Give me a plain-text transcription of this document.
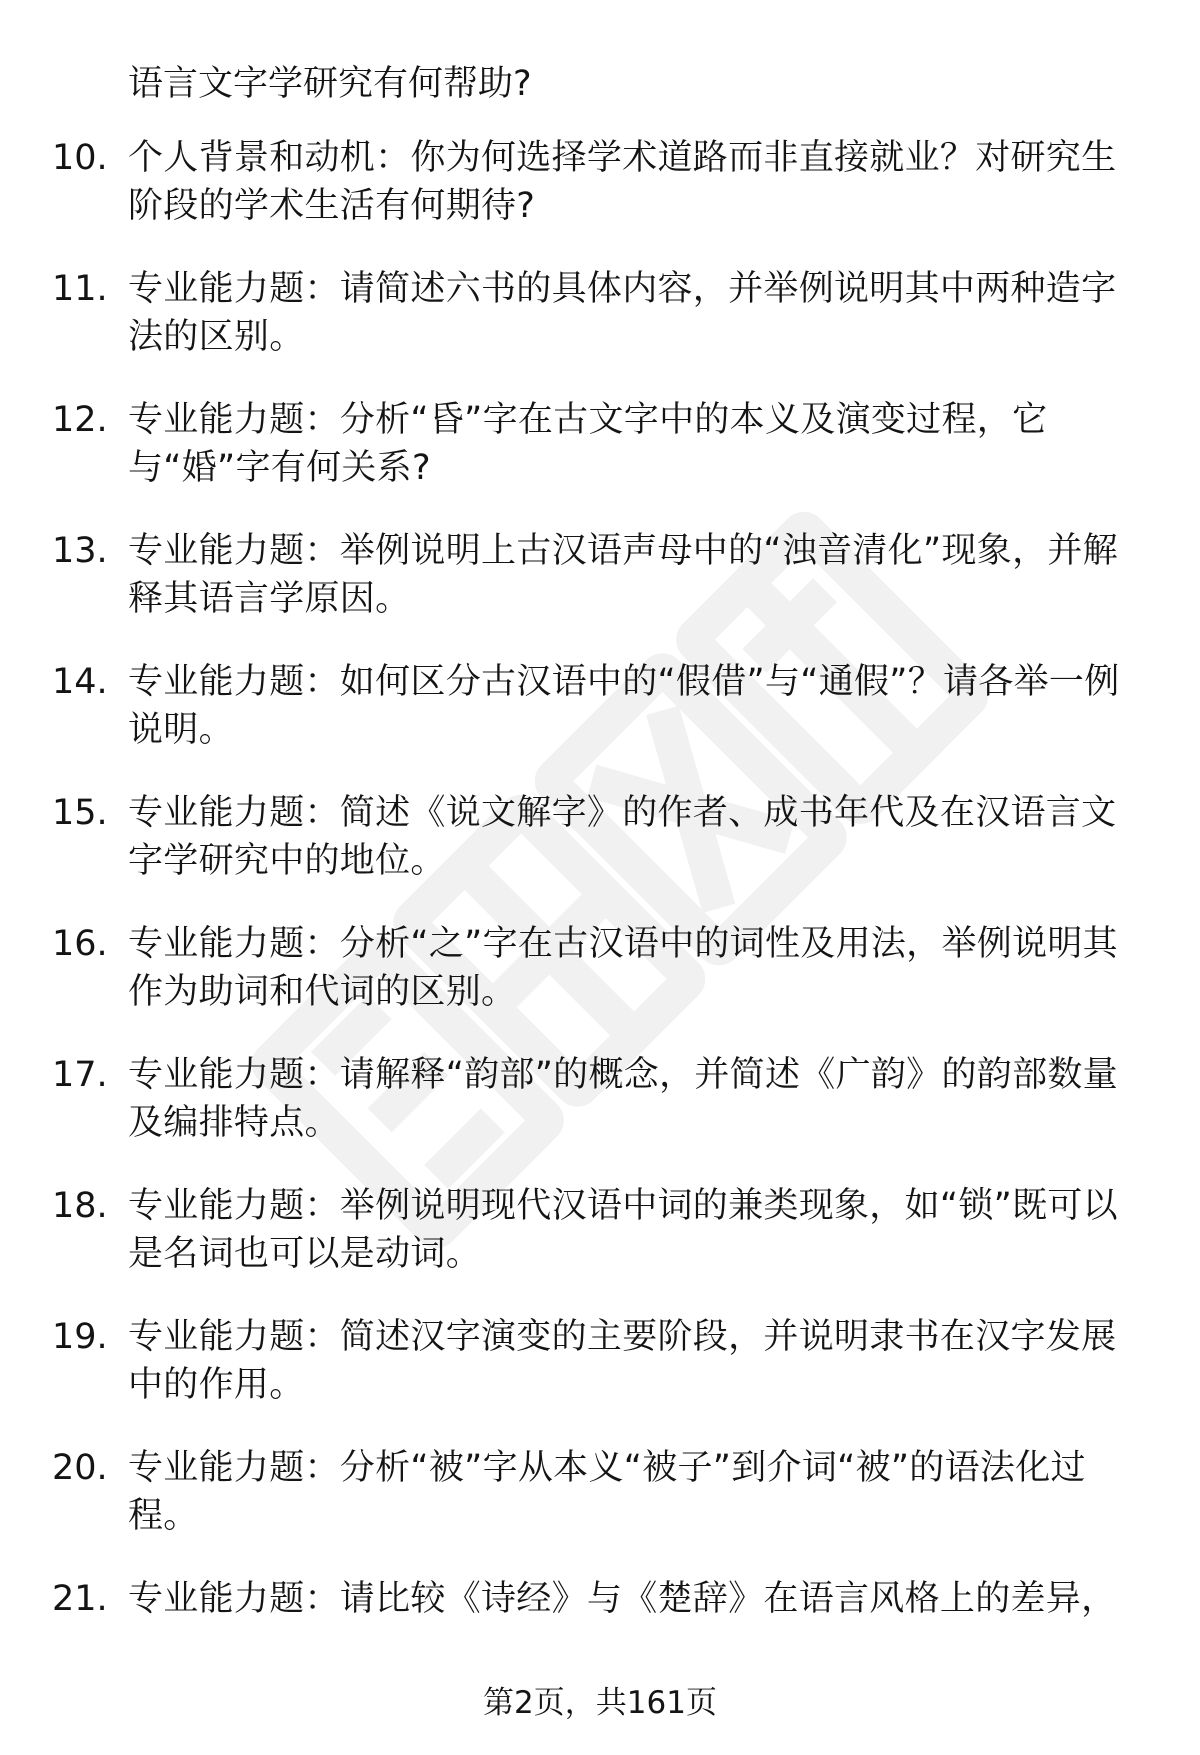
语言文字学研究有何帮助?
10. 个人背景和动机：你为何选择学术道路而非直接就业？对研究生阶段的学术生活有何期待?
11. 专业能力题：请简述六书的具体内容，并举例说明其中两种造字法的区别。
12. 专业能力题：分析“昏”字在古文字中的本义及演变过程，它与“婚”字有何关系?
13. 专业能力题：举例说明上古汉语声母中的“浊音清化”现象，并解释其语言学原因。
14. 专业能力题：如何区分古汉语中的“假借”与“通假”？请各举一例说明。
15. 专业能力题：简述《说文解字》的作者、成书年代及在汉语言文字学研究中的地位。
16. 专业能力题：分析“之”字在古汉语中的词性及用法，举例说明其作为助词和代词的区别。
17. 专业能力题：请解释“韵部”的概念，并简述《广韵》的韵部数量及编排特点。
18. 专业能力题：举例说明现代汉语中词的兼类现象，如“锁”既可以是名词也可以是动词。
19. 专业能力题：简述汉字演变的主要阶段，并说明隶书在汉字发展中的作用。
20. 专业能力题：分析“被”字从本义“被子”到介词“被”的语法化过程。
21. 专业能力题：请比较《诗经》与《楚辞》在语言风格上的差异，
第2页，共161页
